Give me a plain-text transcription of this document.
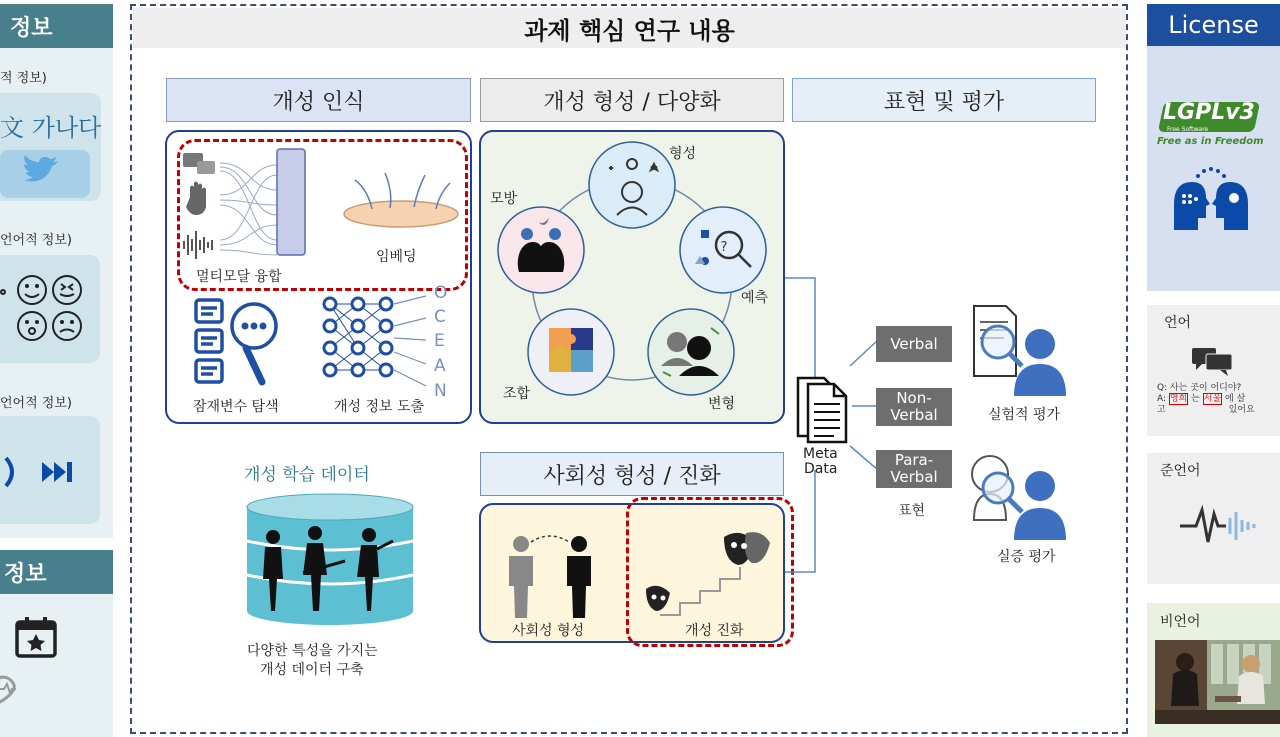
정보
적 정보)
文 가나다
언어적 정보)
언어적 정보)
정보
과제 핵심 연구 내용
개성 인식	개성 형성 / 다양화	표현 및 평가
임베딩
멀티모달 융합
O
C
E
A
N
잠재변수 탐색	개성 정보 도출
?
형성
모방
예측
조합
변형
개성 학습 데이터
다양한 특성을 가지는
개성 데이터 구축
사회성 형성 / 진화
사회성 형성	개성 진화
Meta
Data
Verbal
Non-
Verbal
Para-
Verbal
표현
실험적 평가
실증 평가
License
LGPLv3
Free Software
Free as in Freedom
언어
Q: 사는 곳이 어디야?
A: 영희 는 서울 에 살
고	있어요
준언어
비언어
